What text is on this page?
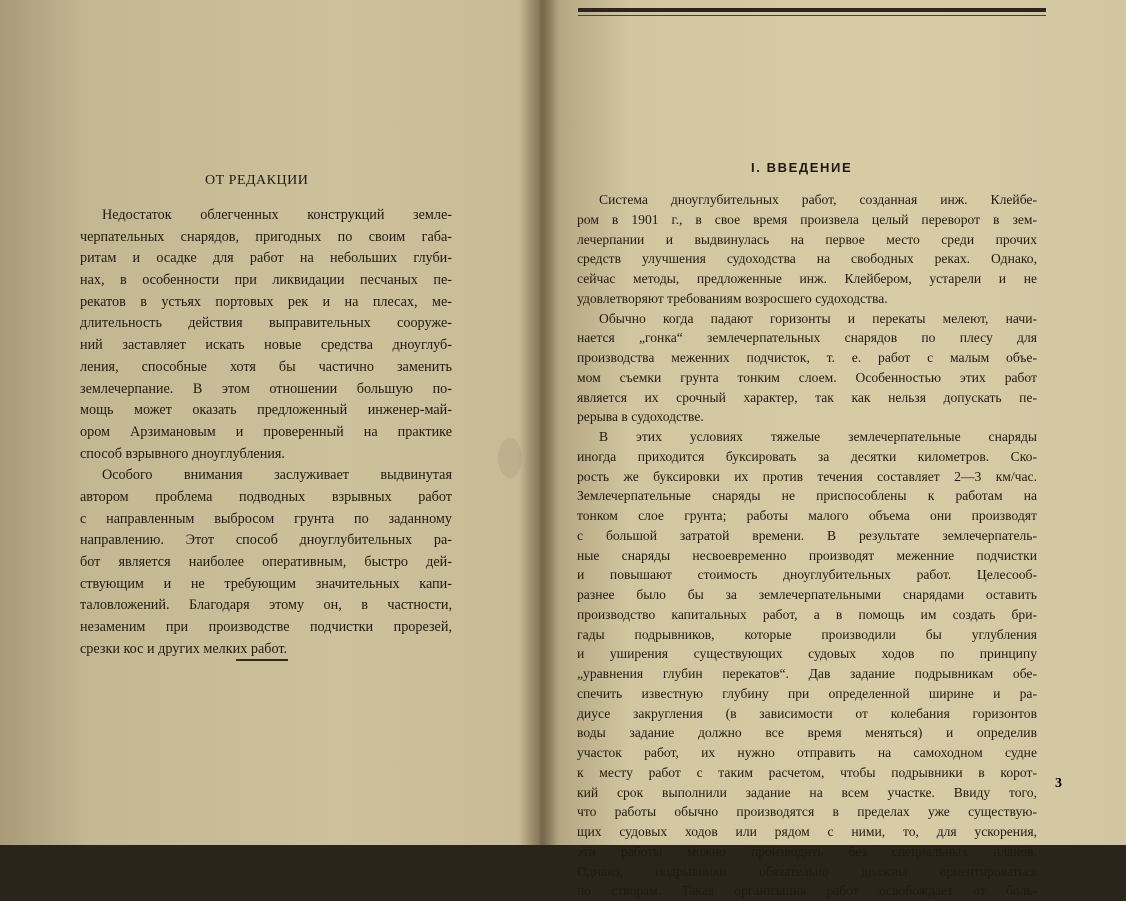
ОТ РЕДАКЦИИ
Недостаток облегченных конструкций земле-
черпательных снарядов, пригодных по своим габа-
ритам и осадке для работ на небольших глуби-
нах, в особенности при ликвидации песчаных пе-
рекатов в устьях портовых рек и на плесах, ме-
длительность действия выправительных сооруже-
ний заставляет искать новые средства дноуглуб-
ления, способные хотя бы частично заменить
землечерпание. В этом отношении большую по-
мощь может оказать предложенный инженер-май-
ором Арзимановым и проверенный на практике
способ взрывного дноуглубления.
Особого внимания заслуживает выдвинутая
автором проблема подводных взрывных работ
с направленным выбросом грунта по заданному
направлению. Этот способ дноуглубительных ра-
бот является наиболее оперативным, быстро дей-
ствующим и не требующим значительных капи-
таловложений. Благодаря этому он, в частности,
незаменим при производстве подчистки прорезей,
срезки кос и других мелких работ.
I. ВВЕДЕНИЕ
Система дноуглубительных работ, созданная инж. Клейбе-
ром в 1901 г., в свое время произвела целый переворот в зем-
лечерпании и выдвинулась на первое место среди прочих
средств улучшения судоходства на свободных реках. Однако,
сейчас методы, предложенные инж. Клейбером, устарели и не
удовлетворяют требованиям возросшего судоходства.
Обычно когда падают горизонты и перекаты мелеют, начи-
нается „гонка“ землечерпательных снарядов по плесу для
производства меженних подчисток, т. е. работ с малым объе-
мом съемки грунта тонким слоем. Особенностью этих работ
является их срочный характер, так как нельзя допускать пе-
рерыва в судоходстве.
В этих условиях тяжелые землечерпательные снаряды
иногда приходится буксировать за десятки километров. Ско-
рость же буксировки их против течения составляет 2—3 км/час.
Землечерпательные снаряды не приспособлены к работам на
тонком слое грунта; работы малого объема они производят
с большой затратой времени. В результате землечерпатель-
ные снаряды несвоевременно производят меженние подчистки
и повышают стоимость дноуглубительных работ. Целесооб-
разнее было бы за землечерпательными снарядами оставить
производство капитальных работ, а в помощь им создать бри-
гады подрывников, которые производили бы углубления
и уширения существующих судовых ходов по принципу
„уравнения глубин перекатов“. Дав задание подрывникам обе-
спечить известную глубину при определенной ширине и ра-
диусе закругления (в зависимости от колебания горизонтов
воды задание должно все время меняться) и определив
участок работ, их нужно отправить на самоходном судне
к месту работ с таким расчетом, чтобы подрывники в корот-
кий срок выполнили задание на всем участке. Ввиду того,
что работы обычно производятся в пределах уже существую-
щих судовых ходов или рядом с ними, то, для ускорения,
эти работы можно производить без специальных планов.
Однако, подрывники обязательно должны ориентироваться
по створам. Такая организация работ освобождает от боль-
3
